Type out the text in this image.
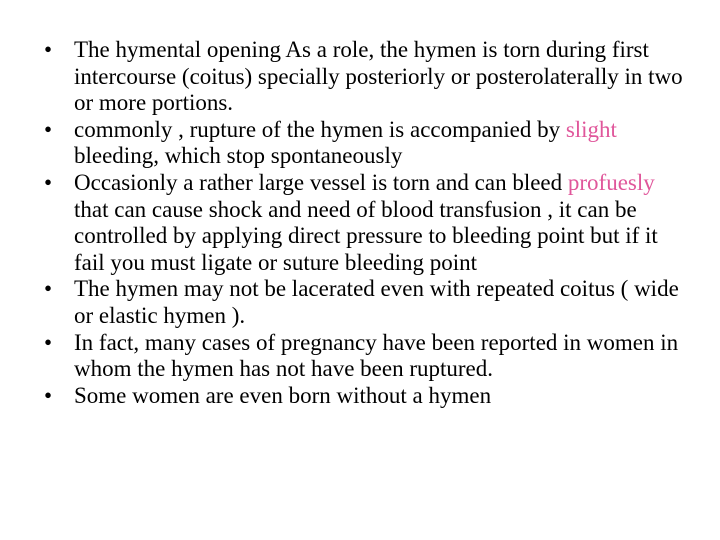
• The hymental opening As a role, the hymen is torn during first intercourse (coitus) specially posteriorly or posterolaterally in two or more portions.
• commonly , rupture of the hymen is accompanied by slight bleeding, which stop spontaneously
• Occasionly a rather large vessel is torn and can bleed profuesly that can cause shock and need of blood transfusion , it can be controlled by applying direct pressure to bleeding point but if it fail you must ligate or suture bleeding point
• The hymen may not be lacerated even with repeated coitus ( wide or elastic hymen ).
• In fact, many cases of pregnancy have been reported in women in whom the hymen has not have been ruptured.
• Some women are even born without a hymen
